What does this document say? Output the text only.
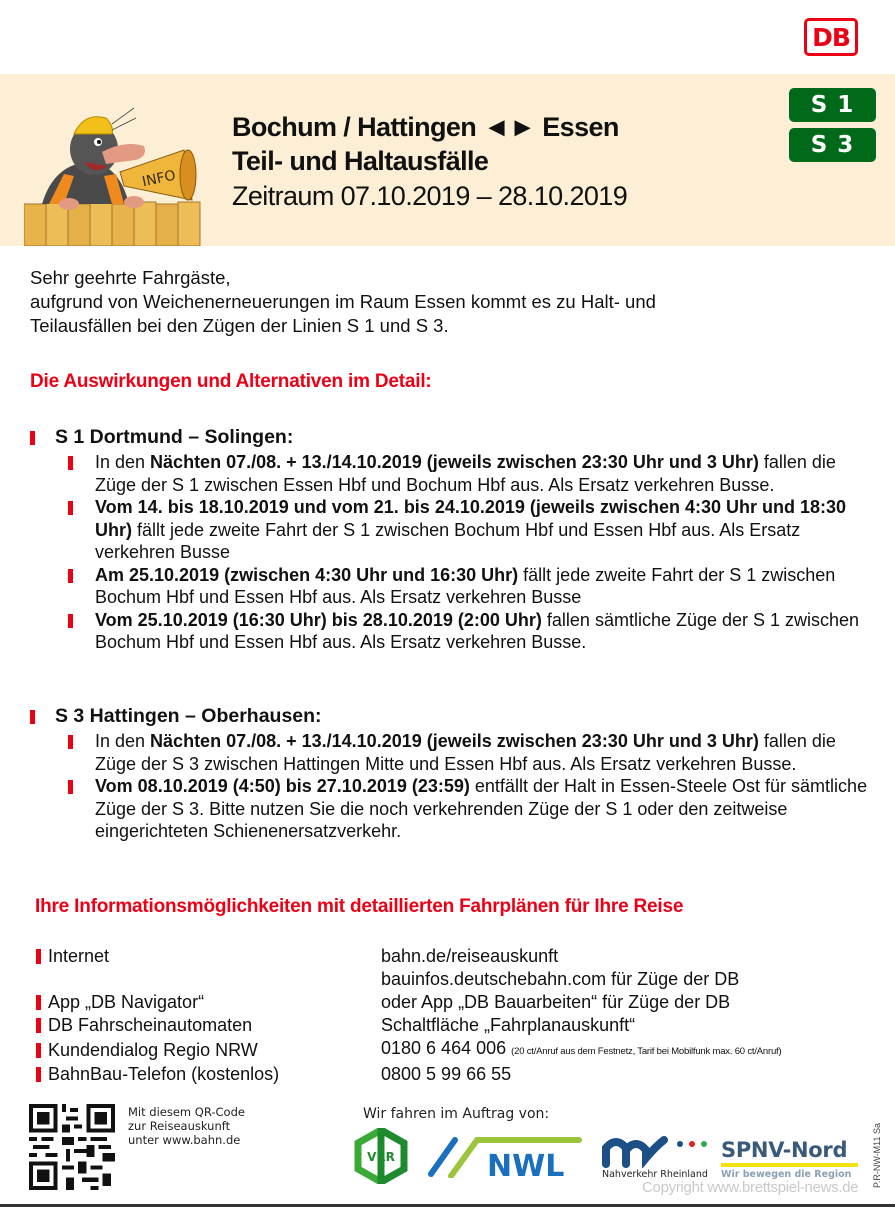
DB
INFO
Bochum / Hattingen ◄► Essen
Teil- und Haltausfälle
Zeitraum 07.10.2019 – 28.10.2019
S 1
S 3
Sehr geehrte Fahrgäste,
aufgrund von Weichenerneuerungen im Raum Essen kommt es zu Halt- und
Teilausfällen bei den Zügen der Linien S 1 und S 3.
Die Auswirkungen und Alternativen im Detail:
S 1 Dortmund – Solingen:
In den Nächten 07./08. + 13./14.10.2019 (jeweils zwischen 23:30 Uhr und 3 Uhr) fallen die Züge der S 1 zwischen Essen Hbf und Bochum Hbf aus. Als Ersatz verkehren Busse.
Vom 14. bis 18.10.2019 und vom 21. bis 24.10.2019 (jeweils zwischen 4:30 Uhr und 18:30 Uhr) fällt jede zweite Fahrt der S 1 zwischen Bochum Hbf und Essen Hbf aus. Als Ersatz verkehren Busse
Am 25.10.2019 (zwischen 4:30 Uhr und 16:30 Uhr) fällt jede zweite Fahrt der S 1 zwischen Bochum Hbf und Essen Hbf aus. Als Ersatz verkehren Busse
Vom 25.10.2019 (16:30 Uhr) bis 28.10.2019 (2:00 Uhr) fallen sämtliche Züge der S 1 zwischen Bochum Hbf und Essen Hbf aus. Als Ersatz verkehren Busse.
S 3 Hattingen – Oberhausen:
In den Nächten 07./08. + 13./14.10.2019 (jeweils zwischen 23:30 Uhr und 3 Uhr) fallen die Züge der S 3 zwischen Hattingen Mitte und Essen Hbf aus. Als Ersatz verkehren Busse.
Vom 08.10.2019 (4:50) bis 27.10.2019 (23:59) entfällt der Halt in Essen-Steele Ost für sämtliche Züge der S 3. Bitte nutzen Sie die noch verkehrenden Züge der S 1 oder den zeitweise eingerichteten Schienenersatzverkehr.
Ihre Informationsmöglichkeiten mit detaillierten Fahrplänen für Ihre Reise
Internet	bahn.de/reiseauskunft
bauinfos.deutschebahn.com für Züge der DB
App „DB Navigator“	oder App „DB Bauarbeiten“ für Züge der DB
DB Fahrscheinautomaten	Schaltfläche „Fahrplanauskunft“
Kundendialog Regio NRW	0180 6 464 006 (20 ct/Anruf aus dem Festnetz, Tarif bei Mobilfunk max. 60 ct/Anruf)
BahnBau-Telefon (kostenlos)	0800 5 99 66 55
Mit diesem QR-Code
zur Reiseauskunft
unter www.bahn.de
Wir fahren im Auftrag von:
VRR	NWL	Nahverkehr Rheinland
SPNV-Nord
Wir bewegen die Region
Copyright www.brettspiel-news.de P.R-NW-M11 Sa
